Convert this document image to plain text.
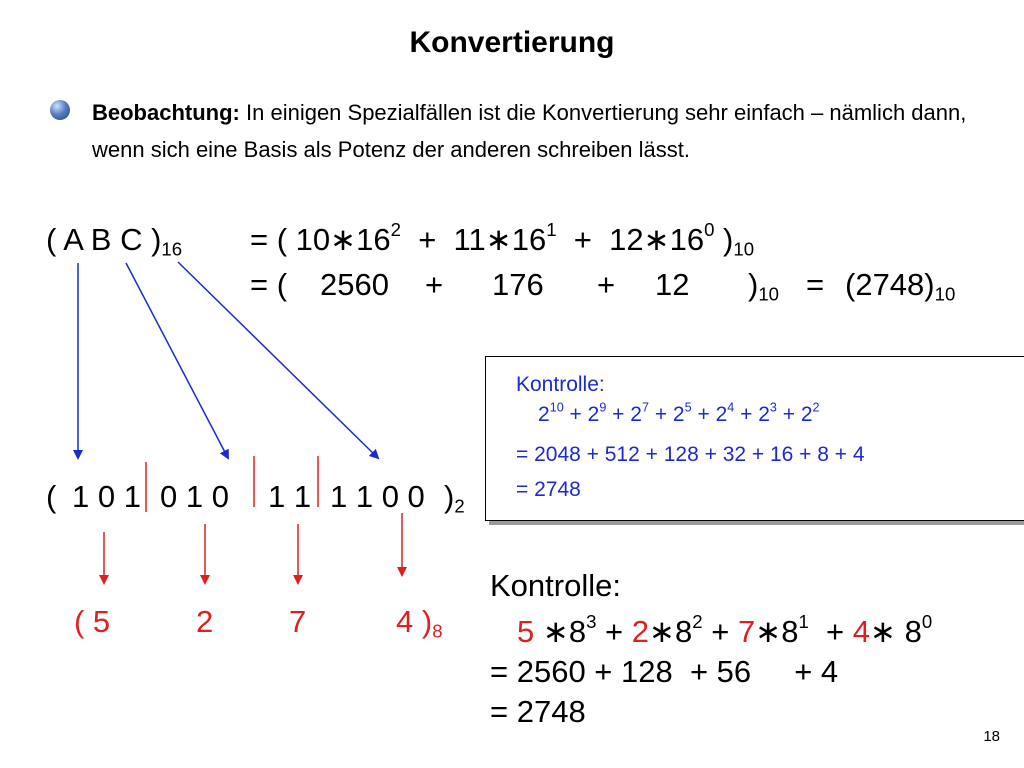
Konvertierung
Beobachtung: In einigen Spezialfällen ist die Konvertierung sehr einfach – nämlich dann, wenn sich eine Basis als Potenz der anderen schreiben lässt.
( A B C )$_{16}$ = ( $10∗16^2$ + $11∗16^1$ + $12∗16^0$ )$_{10}$
= ( 2560 + 176 + 12 )$_{10} = (2748)_{10}$
( 1 0 1 0 1 0 1 1 1 1 0 0 )$_2$
( 5	2 7	4 )$_8$
Kontrolle:
$2^{10} + 2^9 + 2^7 + 2^5 + 2^4 + 2^3 + 2^2$
= 2048 + 512 + 128 + 32 + 16 + 8 + 4
= 2748
Kontrolle:
5 $∗8^3$ + $2∗8^2$ + $7∗8^1$  + 4∗ $8^0$
= 2560 + 128  + 56     + 4
= 2748
18
